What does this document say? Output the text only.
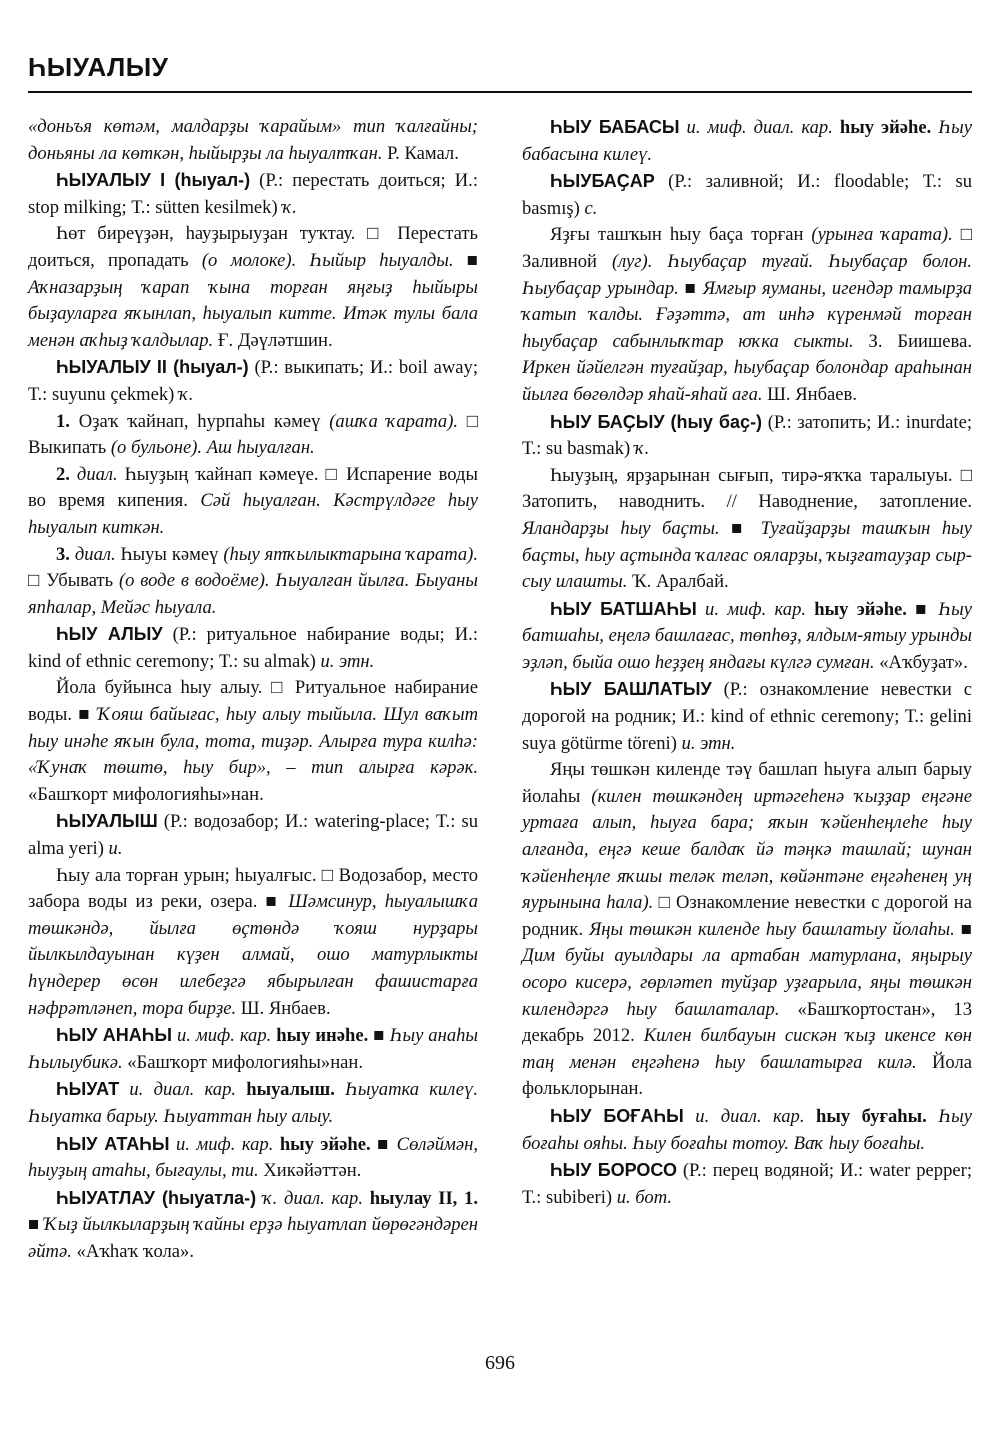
ҺЫУАЛЫУ

«доньъя көтәм, малдарҙы ҡарайым» тип ҡалғайны; доньяны ла көткән, һыйырҙы ла һыуалтҡан. Р. Камал.

ҺЫУАЛЫУ I (һыуал-) (Р.: перестать доиться; И.: stop milking; Т.: sütten kesilmek) ҡ.

Һөт биреүҙән, һауҙырыуҙан туҡтау. □ Перестать доиться, пропадать (о молоке). Һыйыр һыуалды. ■ Аҡназарҙың ҡарап ҡына торған яңғыҙ һыйыры быҙауларға яҡынлап, һыуалып китте. Итәк тулы бала менән аҡһыҙ ҡалдылар. Ғ. Дәүләтшин.

ҺЫУАЛЫУ II (һыуал-) (Р.: выкипать; И.: boil away; Т.: suyunu çekmek) ҡ.

1. Оҙаҡ ҡайнап, һурпаһы кәмеү (ашҡа ҡарата). □ Выкипать (о бульоне). Аш һыуалған.

2. диал. Һыуҙың ҡайнап кәмеүе. □ Испарение воды во время кипения. Сәй һыуалған. Кәстрүлдәге һыу һыуалып киткән.

3. диал. Һыуы кәмеү (һыу ятҡылыктарына ҡарата). □ Убывать (о воде в водоёме). Һыуалған йылға. Быуаны япһалар, Мейәс һыуала.

ҺЫУ АЛЫУ (Р.: ритуальное набирание воды; И.: kind of ethnic ceremony; Т.: su almak) и. этн.

Йола буйынса һыу алыу. □ Ритуальное набирание воды. ■ Ҡояш байығас, һыу алыу тыйыла. Шул ваҡыт һыу инәһе яҡын була, тота, тиҙәр. Алырға тура килһә: «Ҡунаҡ төштө, һыу бир», – тип алырға кәрәк. «Башҡорт мифологияһы»нан.

ҺЫУАЛЫШ (Р.: водозабор; И.: watering-place; Т.: su alma yeri) и.

Һыу ала торған урын; һыуалғыс. □ Водозабор, место забора воды из реки, озера. ■ Шәмсинур, һыуалышҡа төшкәндә, йылға өҫтөндә ҡояш нурҙары йылкылдауынан күҙен алмай, ошо матурлыкты һүндерер өсөн илебеҙгә ябырылған фашистарға нәфрәтләнеп, тора бирҙе. Ш. Янбаев.

ҺЫУ АНАҺЫ и. миф. кар. һыу инәһе. ■ Һыу анаһы Һылыубикә. «Башҡорт мифологияһы»нан.

ҺЫУАТ и. диал. кар. һыуалыш. Һыуатка килеү. Һыуатка барыу. Һыуаттан һыу алыу.

ҺЫУ АТАҺЫ и. миф. кар. һыу эйәһе. ■ Сөләймән, һыуҙың атаһы, бығаулы, ти. Хикәйәттән.

ҺЫУАТЛАУ (һыуатла-) ҡ. диал. кар. һыулау II, 1. ■ Ҡыҙ йылкыларҙың ҡайны ерҙә һыуатлап йөрөгәндәрен әйтә. «Аҡһаҡ ҡола».

ҺЫУ БАБАСЫ и. миф. диал. кар. һыу эйәһе. Һыу бабасына килеү.

ҺЫУБАҪАР (Р.: заливной; И.: floodable; Т.: su basmış) с.

Яҙғы ташҡын һыу баҫа торған (урынға ҡарата). □ Заливной (луг). Һыубаҫар туғай. Һыубаҫар болон. Һыубаҫар урындар. ■ Ямғыр яуманы, игендәр тамырҙа ҡатып ҡалды. Ғәҙәттә, ат инһә күренмәй торған һыубаҫар сабынлыҡтар юҡка сыкты. З. Биишева. Иркен йәйелгән туғайҙар, һыубаҫар болондар араһынан йылға бөгөлдәр яһай-яһай аға. Ш. Янбаев.

ҺЫУ БАҪЫУ (һыу баҫ-) (Р.: затопить; И.: inurdate; Т.: su basmak) ҡ.

Һыуҙың, ярҙарынан сығып, тирә-яҡҡа таралыуы. □ Затопить, наводнить. // Наводнение, затопление. Яландарҙы һыу баҫты. ■ Туғайҙарҙы ташҡын һыу баҫты, һыу аҫтында ҡалғас ояларҙы, ҡыҙғатауҙар сыр-сыу илашты. Ҡ. Аралбай.

ҺЫУ БАТШАҺЫ и. миф. кар. һыу эйәһе. ■ Һыу батшаһы, еңелә башлағас, төпһөҙ, ялдым-ятыу урынды эҙләп, быйа ошо һеҙҙең яндағы күлгә сумған. «Аҡбуҙат».

ҺЫУ БАШЛАТЫУ (Р.: ознакомление невестки с дорогой на родник; И.: kind of ethnic ceremony; Т.: gelini suya götürme töreni) и. этн.

Яңы төшкән киленде тәү башлап һыуға алып барыу йолаһы (килен төшкәндең иртәгеһенә ҡыҙҙар еңгәне уртаға алып, һыуға бара; яҡын ҡәйенһеңлеһе һыу алғанда, еңгә кеше балдаҡ йә тәңкә ташлай; шунан ҡәйенһеңле яҡшы теләк теләп, көйәнтәне еңгәһенең уң яурынына һала). □ Ознакомление невестки с дорогой на родник. Яңы төшкән киленде һыу башлатыу йолаһы. ■ Дим буйы ауылдары ла артабан матурлана, яңырыу осоро кисерә, гөрләтеп туйҙар уҙғарыла, яңы төшкән килендәргә һыу башлаталар. «Башҡортостан», 13 декабрь 2012. Килен билбауын сискән ҡыҙ икенсе көн таң менән еңгәһенә һыу башлатырға килә. Йола фольклорынан.

ҺЫУ БОҒАҺЫ и. диал. кар. һыу буғаһы. Һыу боғаһы ояһы. Һыу боғаһы тотоу. Ваҡ һыу боғаһы.

ҺЫУ БОРОСО (Р.: перец водяной; И.: water pepper; Т.: subiberi) и. бот.

696
